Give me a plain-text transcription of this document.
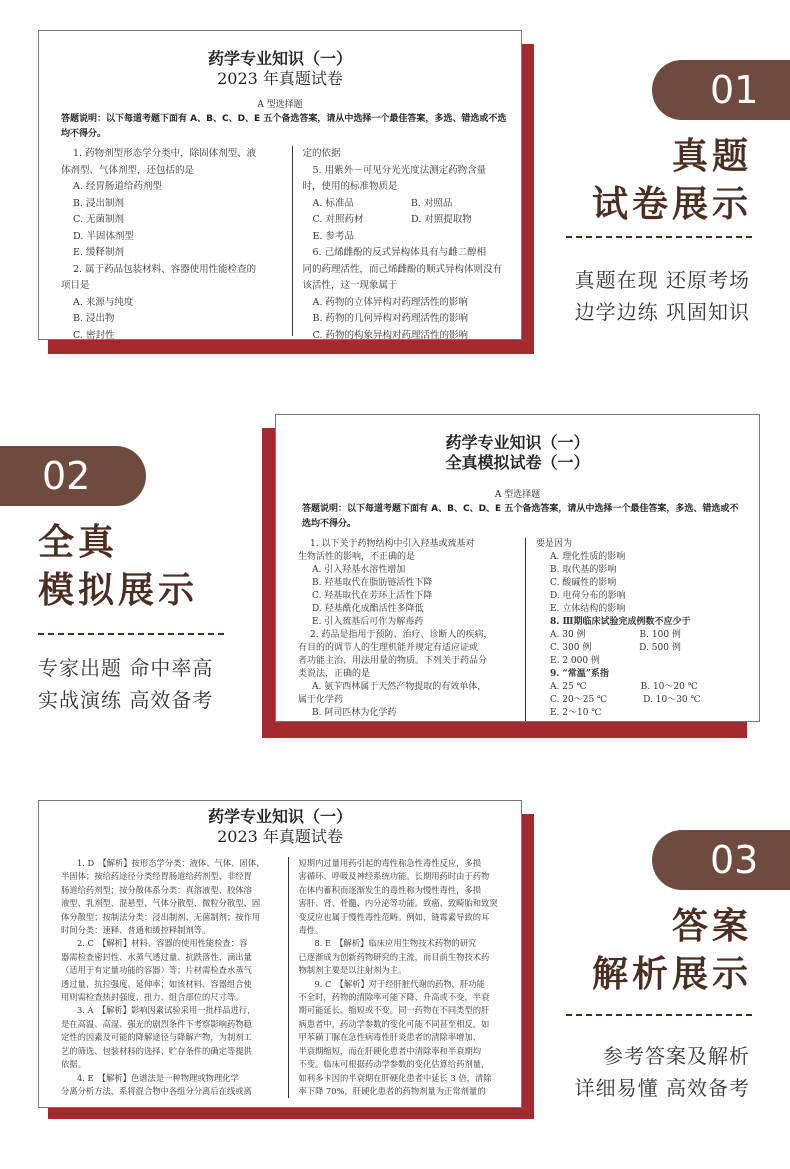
药学专业知识（一）
2023 年真题试卷
A 型选择题
答题说明：以下每道考题下面有 A、B、C、D、E 五个备选答案，请从中选择一个最佳答案，多选、错选或不选均不得分。

1. 药物剂型形态学分类中，除固体剂型、液

体剂型、气体剂型，还包括的是

A. 经胃肠道给药剂型

B. 浸出制剂

C. 无菌制剂

D. 半固体剂型

E. 缓释制剂

2. 属于药品包装材料、容器使用性能检查的

项目是

A. 来源与纯度

B. 浸出物

C. 密封性

定的依据

5. 用紫外－可见分光光度法测定药物含量

时，使用的标准物质是

A. 标准品　　　　　　B. 对照品

C. 对照药材　　　　　D. 对照提取物

E. 参考品

6. 己烯雌酚的反式异构体具有与雌二醇相

同的药理活性，而己烯雌酚的顺式异构体则没有

该活性，这一现象属于

A. 药物的立体异构对药理活性的影响

B. 药物的几何异构对药理活性的影响

C. 药物的构象异构对药理活性的影响

01
真题
试卷展示
真题在现 还原考场
边学边练 巩固知识
药学专业知识（一）
全真模拟试卷（一）
A 型选择题
答题说明：以下每道考题下面有 A、B、C、D、E 五个备选答案，请从中选择一个最佳答案，多选、错选或不选均不得分。

1. 以下关于药物结构中引入羟基或巯基对

生物活性的影响，不正确的是

A. 引入羟基水溶性增加

B. 羟基取代在脂肪链活性下降

C. 羟基取代在芳环上活性下降

D. 羟基酰化成酯活性多降低

E. 引入巯基后可作为解毒药

2. 药品是指用于预防、治疗、诊断人的疾病，

有目的的调节人的生理机能并规定有适应证或

者功能主治、用法用量的物质。下列关于药品分

类说法，正确的是

A. 氨苄西林属于天然产物提取的有效单体，

属于化学药

B. 阿司匹林为化学药

要是因为

A. 理化性质的影响

B. 取代基的影响

C. 酸碱性的影响

D. 电荷分布的影响

E. 立体结构的影响

8. Ⅲ期临床试验完成例数不应少于

A. 30 例　　　　　　B. 100 例

C. 300 例　　　　　 D. 500 例

E. 2 000 例

9. “常温”系指

A. 25 ℃　　　　　　B. 10～20 ℃

C. 20～25 ℃　　　　D. 10～30 ℃

E. 2～10 ℃

02
全真
模拟展示
专家出题 命中率高
实战演练 高效备考
药学专业知识（一）
2023 年真题试卷

1. D　【解析】按形态学分类：液体、气体、固体、

半固体；按给药途径分类经胃肠道给药剂型、非经胃

肠道给药剂型；按分散体系分类：真溶液型、胶体溶

液型、乳剂型、混悬型、气体分散型、微粒分散型、固

体分散型；按制法分类：浸出制剂、无菌制剂；按作用

时间分类：速释、普通和缓控释制剂等。

2. C　【解析】材料、容器的使用性能检查：容

器需检查密封性、水蒸气透过量、抗跌落性、滴出量

（适用于有定量功能的容器）等；片材需检查水蒸气

透过量、抗拉强度、延伸率；如该材料、容器组合使

用则需检查热封强度、扭力、组合部位的尺寸等。

3. A　【解析】影响因素试验采用一批样品进行，

是在高温、高湿、强光的剧烈条件下考察影响药物稳

定性的因素及可能的降解途径与降解产物，为制剂工

艺的筛选、包装材料的选择、贮存条件的确定等提供

依据。

4. E　【解析】色谱法是一种物理或物理化学

分离分析方法，系将混合物中各组分分离后在线或离

短期内过量用药引起的毒性称急性毒性反应，多损

害循环、呼吸及神经系统功能。长期用药时由于药物

在体内蓄积而逐渐发生的毒性称为慢性毒性，多损

害肝、肾、骨髓、内分泌等功能。致癌、致畸胎和致突

变反应也属于慢性毒性范畴。例如，链霉素导致的耳

毒性。

8. E　【解析】临床应用生物技术药物的研究

已逐渐成为创新药物研究的主流，而目前生物技术药

物制剂主要是以注射剂为主。

9. C　【解析】对于经肝脏代谢的药物，肝功能

不全时，药物的清除率可能下降、升高或不变，半衰

期可能延长、缩短或不变。同一药物在不同类型的肝

病患者中，药动学参数的变化可能不同甚至相反，如

甲苯磺丁脲在急性病毒性肝炎患者的清除率增加、

半衰期缩短，而在肝硬化患者中清除率和半衰期均

不变。临床可根据药动学参数的变化估算给药剂量，

如利多卡因的半衰期在肝硬化患者中延长 3 倍，清除

率下降 70%，肝硬化患者的药物剂量为正常剂量的

03
答案
解析展示
参考答案及解析
详细易懂 高效备考
